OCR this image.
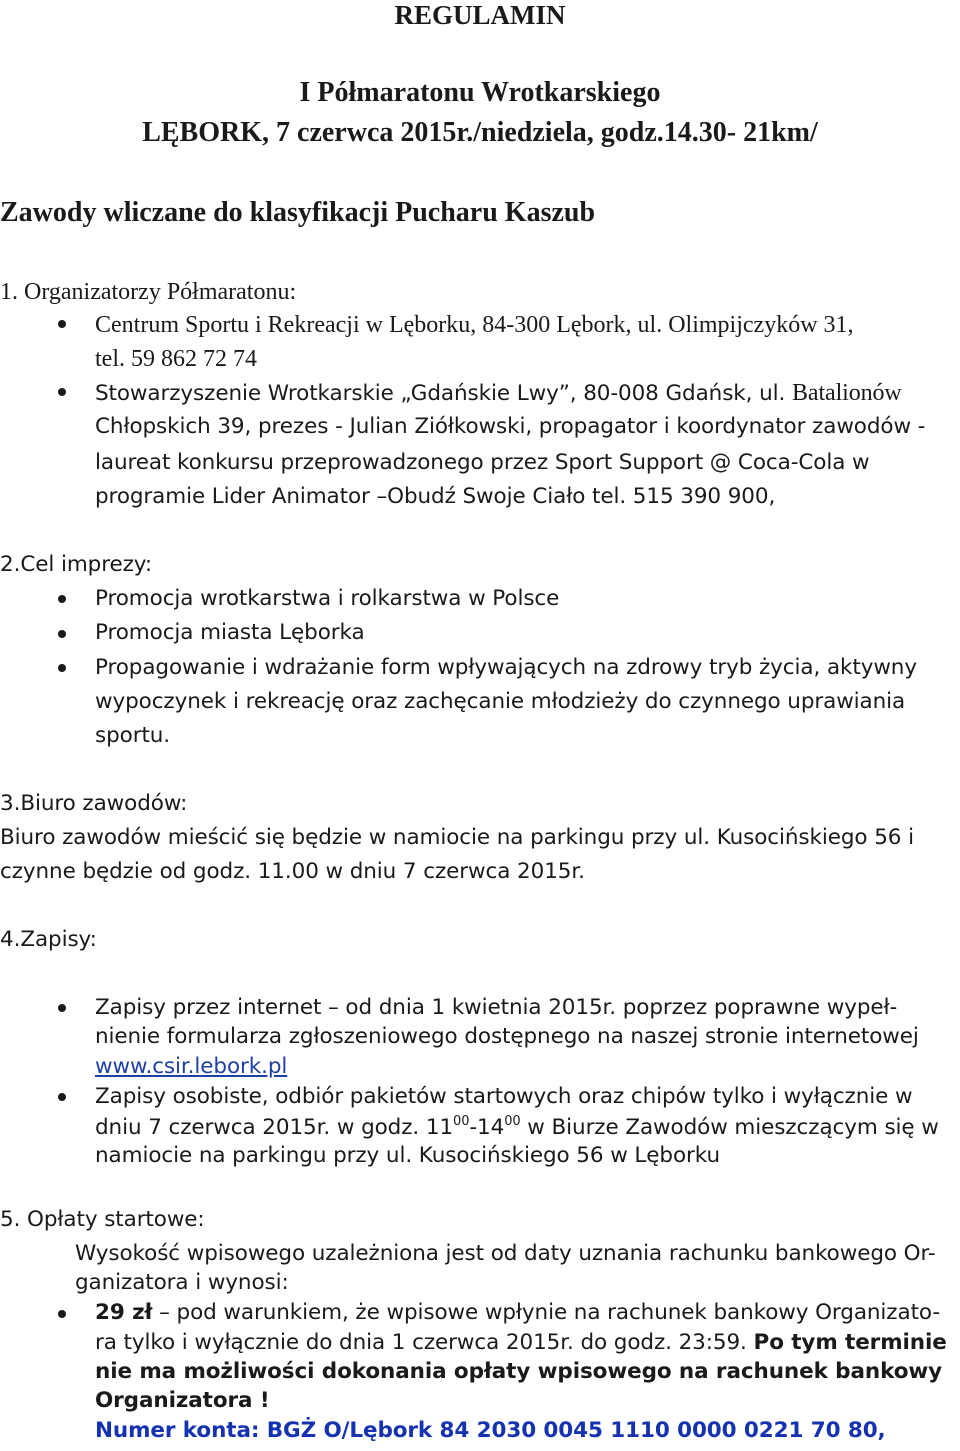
REGULAMIN
I Półmaratonu Wrotkarskiego
LĘBORK, 7 czerwca 2015r./niedziela, godz.14.30- 21km/
Zawody wliczane do klasyfikacji Pucharu Kaszub
1. Organizatorzy Półmaratonu:
Centrum Sportu i Rekreacji w Lęborku, 84-300 Lębork, ul. Olimpijczyków 31,
tel. 59 862 72 74
Stowarzyszenie Wrotkarskie „Gdańskie Lwy”, 80-008 Gdańsk, ul. Batalionów
Chłopskich 39, prezes - Julian Ziółkowski, propagator i koordynator zawodów -
laureat konkursu przeprowadzonego przez Sport Support @ Coca-Cola w
programie Lider Animator –Obudź Swoje Ciało tel. 515 390 900,
2.Cel imprezy:
Promocja wrotkarstwa i rolkarstwa w Polsce
Promocja miasta Lęborka
Propagowanie i wdrażanie form wpływających na zdrowy tryb życia, aktywny
wypoczynek i rekreację oraz zachęcanie młodzieży do czynnego uprawiania
sportu.
3.Biuro zawodów:
Biuro zawodów mieścić się będzie w namiocie na parkingu przy ul. Kusocińskiego 56 i
czynne będzie od godz. 11.00 w dniu 7 czerwca 2015r.
4.Zapisy:
Zapisy przez internet – od dnia 1 kwietnia 2015r. poprzez poprawne wypeł-
nienie formularza zgłoszeniowego dostępnego na naszej stronie internetowej
www.csir.lebork.pl
Zapisy osobiste, odbiór pakietów startowych oraz chipów tylko i wyłącznie w
dniu 7 czerwca 2015r. w godz. $11^{00}-14^{00}$ w Biurze Zawodów mieszczącym się w
namiocie na parkingu przy ul. Kusocińskiego 56 w Lęborku
5. Opłaty startowe:
Wysokość wpisowego uzależniona jest od daty uznania rachunku bankowego Or-
ganizatora i wynosi:
29 zł – pod warunkiem, że wpisowe wpłynie na rachunek bankowy Organizato-
ra tylko i wyłącznie do dnia 1 czerwca 2015r. do godz. 23:59. Po tym terminie
nie ma możliwości dokonania opłaty wpisowego na rachunek bankowy
Organizatora !
Numer konta: BGŻ O/Lębork 84 2030 0045 1110 0000 0221 70 80,
